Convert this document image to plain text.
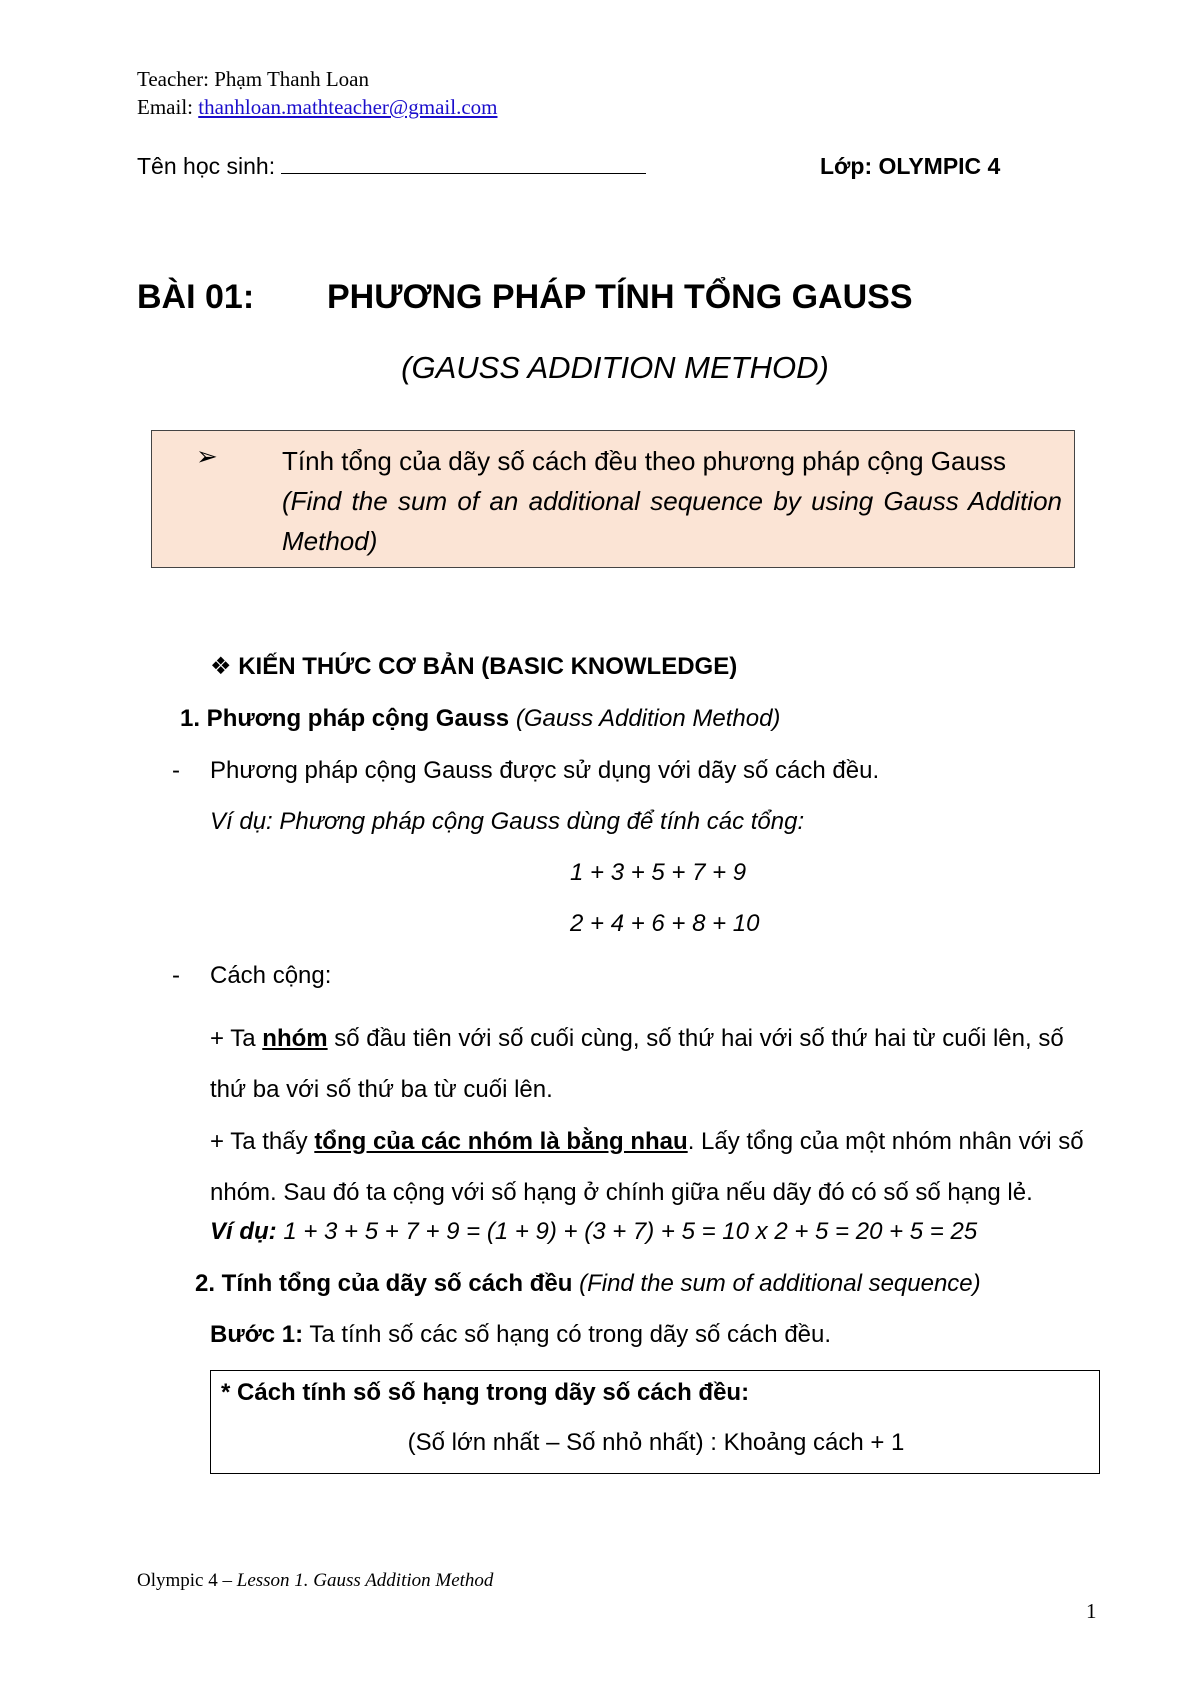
Teacher: Phạm Thanh Loan
Email: thanhloan.mathteacher@gmail.com
Tên học sinh:	Lớp: OLYMPIC 4
BÀI 01: PHƯƠNG PHÁP TÍNH TỔNG GAUSS
(GAUSS ADDITION METHOD)
➢ Tính tổng của dãy số cách đều theo phương pháp cộng Gauss
(Find the sum of an additional sequence by using Gauss Addition Method)
❖ KIẾN THỨC CƠ BẢN (BASIC KNOWLEDGE)
1. Phương pháp cộng Gauss (Gauss Addition Method)
- Phương pháp cộng Gauss được sử dụng với dãy số cách đều.
Ví dụ: Phương pháp cộng Gauss dùng để tính các tổng:
1 + 3 + 5 + 7 + 9
2 + 4 + 6 + 8 + 10
- Cách cộng:
+ Ta nhóm số đầu tiên với số cuối cùng, số thứ hai với số thứ hai từ cuối lên, số thứ ba với số thứ ba từ cuối lên.
+ Ta thấy tổng của các nhóm là bằng nhau. Lấy tổng của một nhóm nhân với số nhóm. Sau đó ta cộng với số hạng ở chính giữa nếu dãy đó có số số hạng lẻ.
Ví dụ: 1 + 3 + 5 + 7 + 9 = (1 + 9) + (3 + 7) + 5 = 10 x 2 + 5 = 20 + 5 = 25
2. Tính tổng của dãy số cách đều (Find the sum of additional sequence)
Bước 1: Ta tính số các số hạng có trong dãy số cách đều.
* Cách tính số số hạng trong dãy số cách đều:
(Số lớn nhất – Số nhỏ nhất) : Khoảng cách + 1
Olympic 4 – Lesson 1. Gauss Addition Method
1
